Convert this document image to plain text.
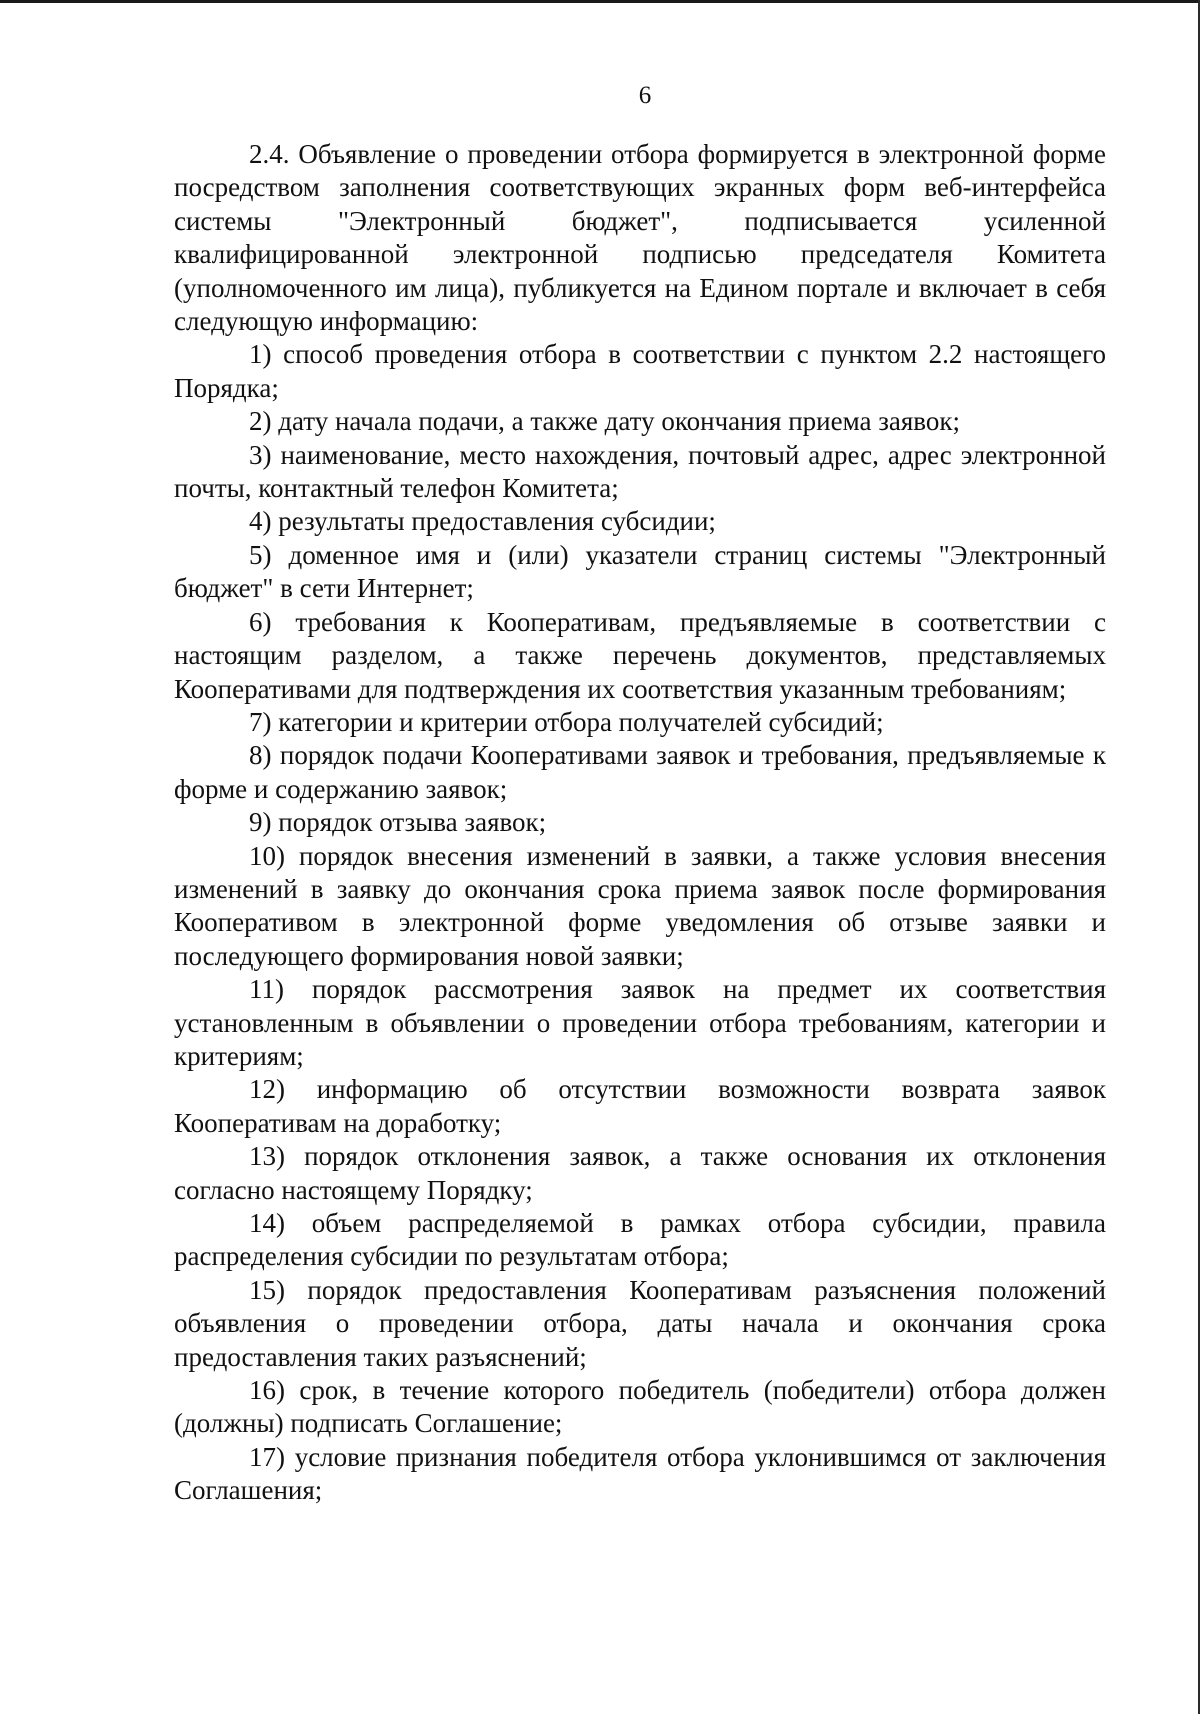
6

2.4. Объявление о проведении отбора формируется в электронной форме посредством заполнения соответствующих экранных форм веб-интерфейса системы "Электронный бюджет", подписывается усиленной квалифицированной электронной подписью председателя Комитета (уполномоченного им лица), публикуется на Едином портале и включает в себя следующую информацию:

1) способ проведения отбора в соответствии с пунктом 2.2 настоящего Порядка;

2) дату начала подачи, а также дату окончания приема заявок;

3) наименование, место нахождения, почтовый адрес, адрес электронной почты, контактный телефон Комитета;

4) результаты предоставления субсидии;

5) доменное имя и (или) указатели страниц системы "Электронный бюджет" в сети Интернет;

6) требования к Кооперативам, предъявляемые в соответствии с настоящим разделом, а также перечень документов, представляемых Кооперативами для подтверждения их соответствия указанным требованиям;

7) категории и критерии отбора получателей субсидий;

8) порядок подачи Кооперативами заявок и требования, предъявляемые к форме и содержанию заявок;

9) порядок отзыва заявок;

10) порядок внесения изменений в заявки, а также условия внесения изменений в заявку до окончания срока приема заявок после формирования Кооперативом в электронной форме уведомления об отзыве заявки и последующего формирования новой заявки;

11) порядок рассмотрения заявок на предмет их соответствия установленным в объявлении о проведении отбора требованиям, категории и критериям;

12) информацию об отсутствии возможности возврата заявок Кооперативам на доработку;

13) порядок отклонения заявок, а также основания их отклонения согласно настоящему Порядку;

14) объем распределяемой в рамках отбора субсидии, правила распределения субсидии по результатам отбора;

15) порядок предоставления Кооперативам разъяснения положений объявления о проведении отбора, даты начала и окончания срока предоставления таких разъяснений;

16) срок, в течение которого победитель (победители) отбора должен (должны) подписать Соглашение;

17) условие признания победителя отбора уклонившимся от заключения Соглашения;
